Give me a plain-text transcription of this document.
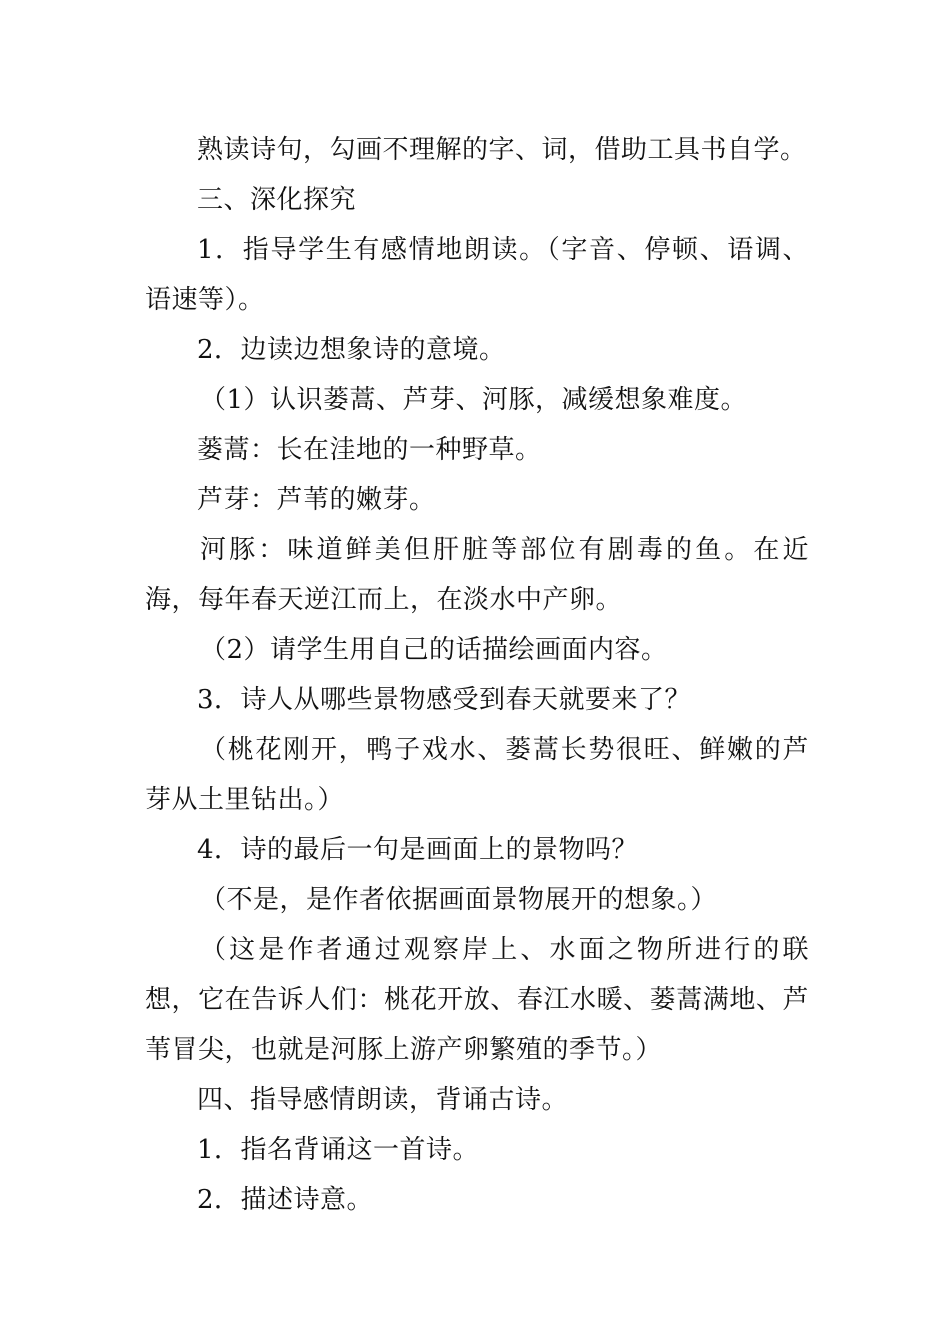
熟读诗句，勾画不理解的字、词，借助工具书自学。

三、深化探究

1．指导学生有感情地朗读。（字音、停顿、语调、语速等）。

2．边读边想象诗的意境。

（1）认识蒌蒿、芦芽、河豚，减缓想象难度。

蒌蒿：长在洼地的一种野草。

芦芽：芦苇的嫩芽。

河豚：味道鲜美但肝脏等部位有剧毒的鱼。在近海，每年春天逆江而上，在淡水中产卵。

（2）请学生用自己的话描绘画面内容。

3．诗人从哪些景物感受到春天就要来了？

（桃花刚开，鸭子戏水、蒌蒿长势很旺、鲜嫩的芦芽从土里钻出。）

4．诗的最后一句是画面上的景物吗？

（不是，是作者依据画面景物展开的想象。）

（这是作者通过观察岸上、水面之物所进行的联想，它在告诉人们：桃花开放、春江水暖、蒌蒿满地、芦苇冒尖，也就是河豚上游产卵繁殖的季节。）

四、指导感情朗读，背诵古诗。

1．指名背诵这一首诗。

2．描述诗意。
